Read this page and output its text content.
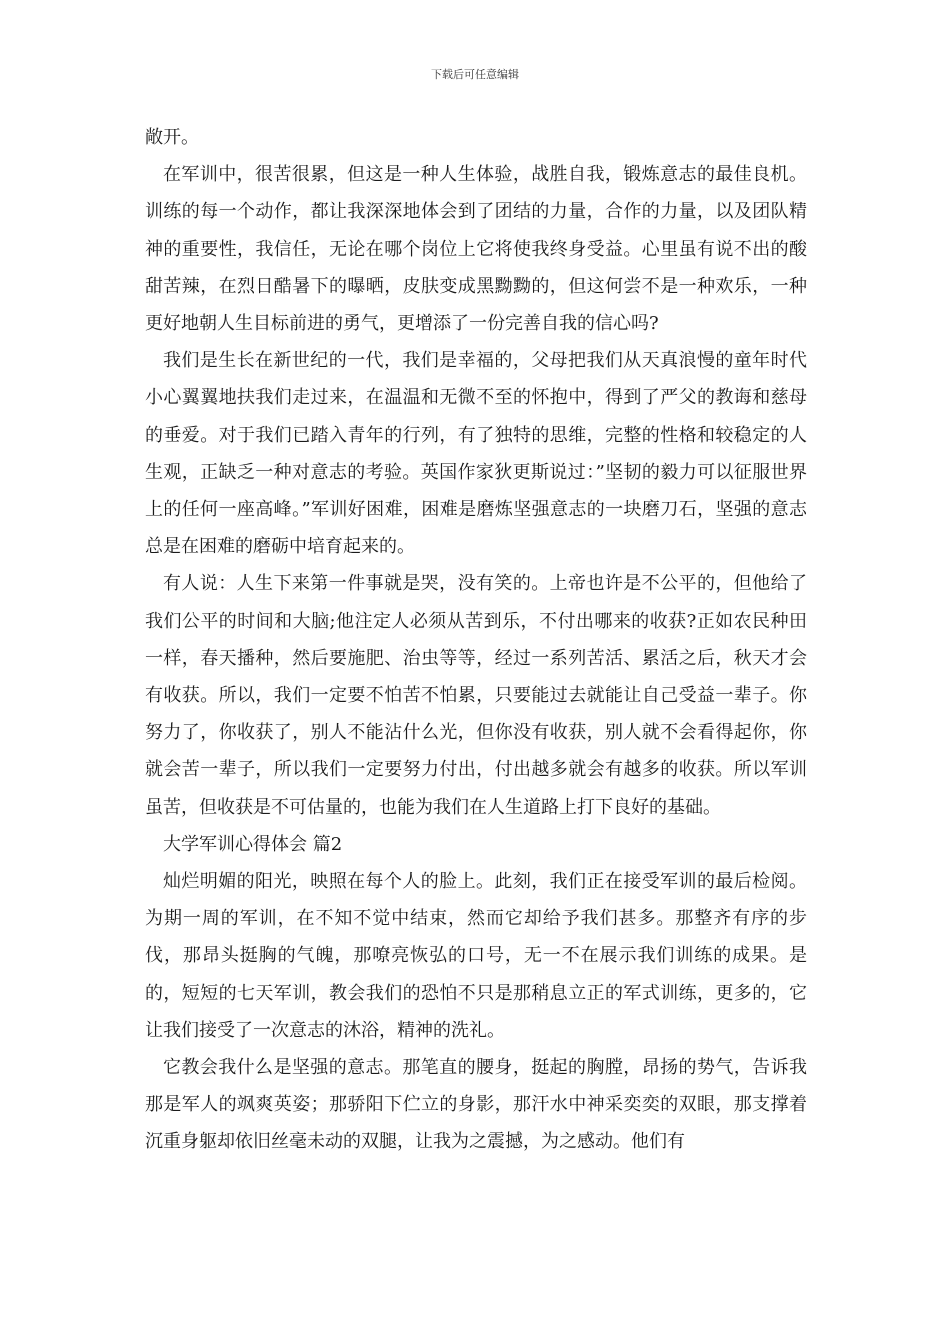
下载后可任意编辑

敞开。

在军训中，很苦很累，但这是一种人生体验，战胜自我，锻炼意志的最佳良机。训练的每一个动作，都让我深深地体会到了团结的力量，合作的力量，以及团队精神的重要性，我信任，无论在哪个岗位上它将使我终身受益。心里虽有说不出的酸甜苦辣，在烈日酷暑下的曝晒，皮肤变成黑黝黝的，但这何尝不是一种欢乐，一种更好地朝人生目标前进的勇气，更增添了一份完善自我的信心吗?

我们是生长在新世纪的一代，我们是幸福的，父母把我们从天真浪慢的童年时代小心翼翼地扶我们走过来，在温温和无微不至的怀抱中，得到了严父的教诲和慈母的垂爱。对于我们已踏入青年的行列，有了独特的思维，完整的性格和较稳定的人生观，正缺乏一种对意志的考验。英国作家狄更斯说过：”坚韧的毅力可以征服世界上的任何一座高峰。”军训好困难，困难是磨炼坚强意志的一块磨刀石，坚强的意志总是在困难的磨砺中培育起来的。

有人说：人生下来第一件事就是哭，没有笑的。上帝也许是不公平的，但他给了我们公平的时间和大脑;他注定人必须从苦到乐，不付出哪来的收获?正如农民种田一样，春天播种，然后要施肥、治虫等等，经过一系列苦活、累活之后，秋天才会有收获。所以，我们一定要不怕苦不怕累，只要能过去就能让自己受益一辈子。你努力了，你收获了，别人不能沾什么光，但你没有收获，别人就不会看得起你，你就会苦一辈子，所以我们一定要努力付出，付出越多就会有越多的收获。所以军训虽苦，但收获是不可估量的，也能为我们在人生道路上打下良好的基础。

大学军训心得体会 篇2

灿烂明媚的阳光，映照在每个人的脸上。此刻，我们正在接受军训的最后检阅。为期一周的军训，在不知不觉中结束，然而它却给予我们甚多。那整齐有序的步伐，那昂头挺胸的气魄，那嘹亮恢弘的口号，无一不在展示我们训练的成果。是的，短短的七天军训，教会我们的恐怕不只是那稍息立正的军式训练，更多的，它让我们接受了一次意志的沐浴，精神的洗礼。

它教会我什么是坚强的意志。那笔直的腰身，挺起的胸膛，昂扬的势气，告诉我那是军人的飒爽英姿；那骄阳下伫立的身影，那汗水中神采奕奕的双眼，那支撑着沉重身躯却依旧丝毫未动的双腿，让我为之震撼，为之感动。他们有
